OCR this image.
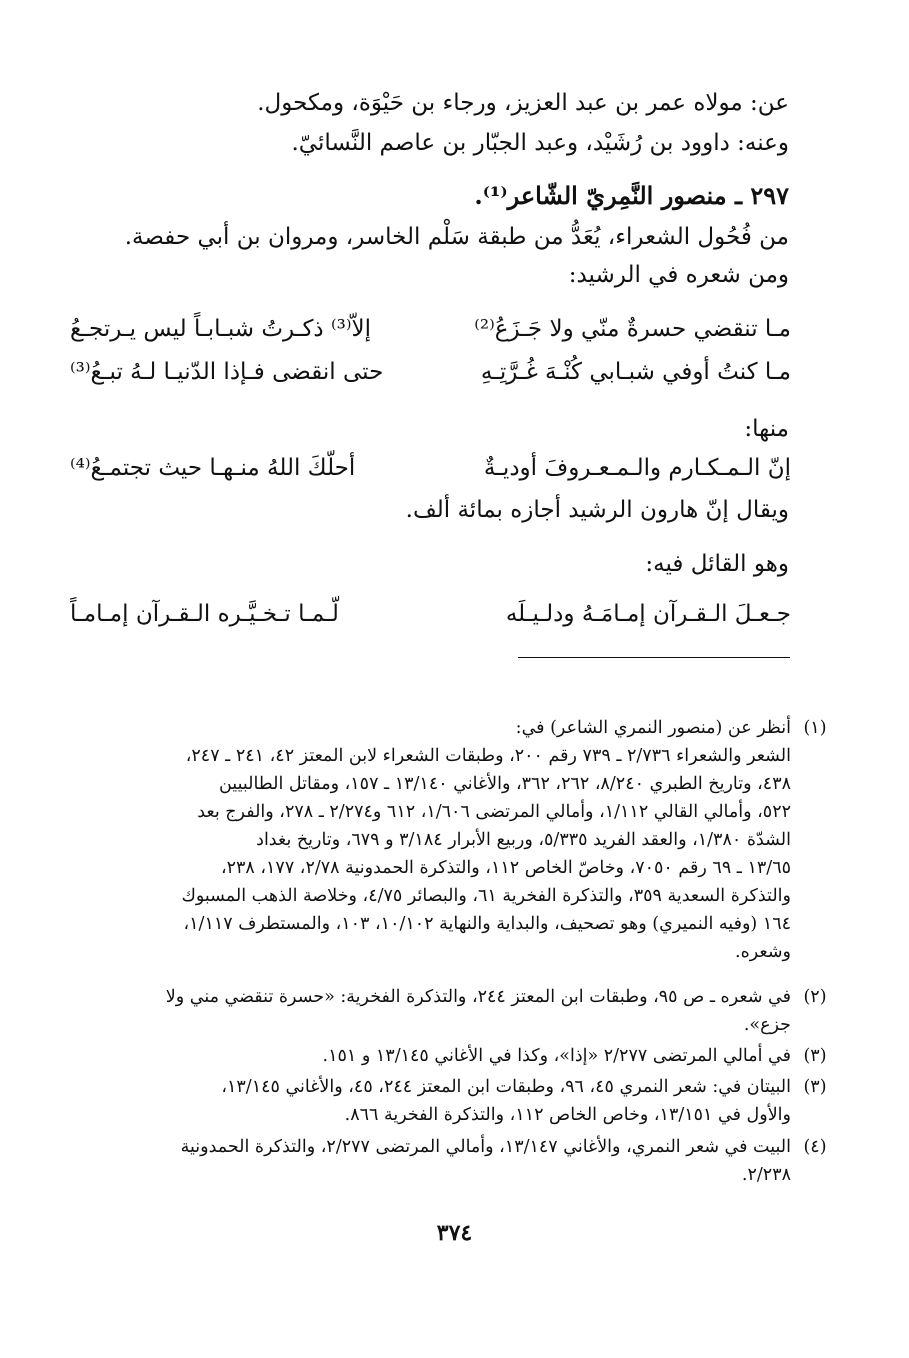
عن: مولاه عمر بن عبد العزيز، ورجاء بن حَيْوَة، ومكحول.
وعنه: داوود بن رُشَيْد، وعبد الجبّار بن عاصم النَّسائيّ.
٢٩٧ ـ منصور النَّمِريّ الشّاعر⁽¹⁾.
من فُحُول الشعراء، يُعَدُّ من طبقة سَلْم الخاسر، ومروان بن أبي حفصة.
ومن شعره في الرشيد:
مـا تنقضي حسرةٌ منّي ولا جَـزَعُ⁽²⁾
إلاّ⁽³⁾ ذكـرتُ شبـابـاً ليس يـرتجـعُ
مـا كنتُ أوفي شبـابي كُنْـهَ غُـرَّتِـهِ
حتى انقضى فـإذا الدّنيـا لـهُ تبـعُ⁽³⁾
منها:
إنّ الـمـكـارم والـمـعـروفَ أوديـةٌ
أحلّكَ اللهُ منـهـا حيث تجتمـعُ⁽⁴⁾
ويقال إنّ هارون الرشيد أجازه بمائة ألف.
وهو القائل فيه:
جـعـلَ الـقـرآن إمـامَـهُ ودلـيـلَه
لّـمـا تـخـيَّـره الـقـرآن إمـامـاً
(١)
أنظر عن (منصور النمري الشاعر) في:
الشعر والشعراء ٢/٧٣٦ ـ ٧٣٩ رقم ٢٠٠، وطبقات الشعراء لابن المعتز ٤٢، ٢٤١ ـ ٢٤٧،
٤٣٨، وتاريخ الطبري ٨/٢٤٠، ٢٦٢، ٣٦٢، والأغاني ١٣/١٤٠ ـ ١٥٧، ومقاتل الطالبيين
٥٢٢، وأمالي القالي ١/١١٢، وأمالي المرتضى ١/٦٠٦، ٦١٢ و٢/٢٧٤ ـ ٢٧٨، والفرج بعد
الشدّة ١/٣٨٠، والعقد الفريد ٥/٣٣٥، وربيع الأبرار ٣/١٨٤ و ٦٧٩، وتاريخ بغداد
١٣/٦٥ ـ ٦٩ رقم ٧٠٥٠، وخاصّ الخاص ١١٢، والتذكرة الحمدونية ٢/٧٨، ١٧٧، ٢٣٨،
والتذكرة السعدية ٣٥٩، والتذكرة الفخرية ٦١، والبصائر ٤/٧٥، وخلاصة الذهب المسبوك
١٦٤ (وفيه النميري) وهو تصحيف، والبداية والنهاية ١٠/١٠٢، ١٠٣، والمستطرف ١/١١٧،
وشعره.
(٢)
في شعره ـ ص ٩٥، وطبقات ابن المعتز ٢٤٤، والتذكرة الفخرية: «حسرة تنقضي مني ولا
جزع».
(٣)
في أمالي المرتضى ٢/٢٧٧ «إذا»، وكذا في الأغاني ١٣/١٤٥ و ١٥١.
(٣)
البيتان في: شعر النمري ٤٥، ٩٦، وطبقات ابن المعتز ٢٤٤، ٤٥، والأغاني ١٣/١٤٥،
والأول في ١٣/١٥١، وخاص الخاص ١١٢، والتذكرة الفخرية ٨٦٦.
(٤)
البيت في شعر النمري، والأغاني ١٣/١٤٧، وأمالي المرتضى ٢/٢٧٧، والتذكرة الحمدونية
٢/٢٣٨.
٣٧٤
